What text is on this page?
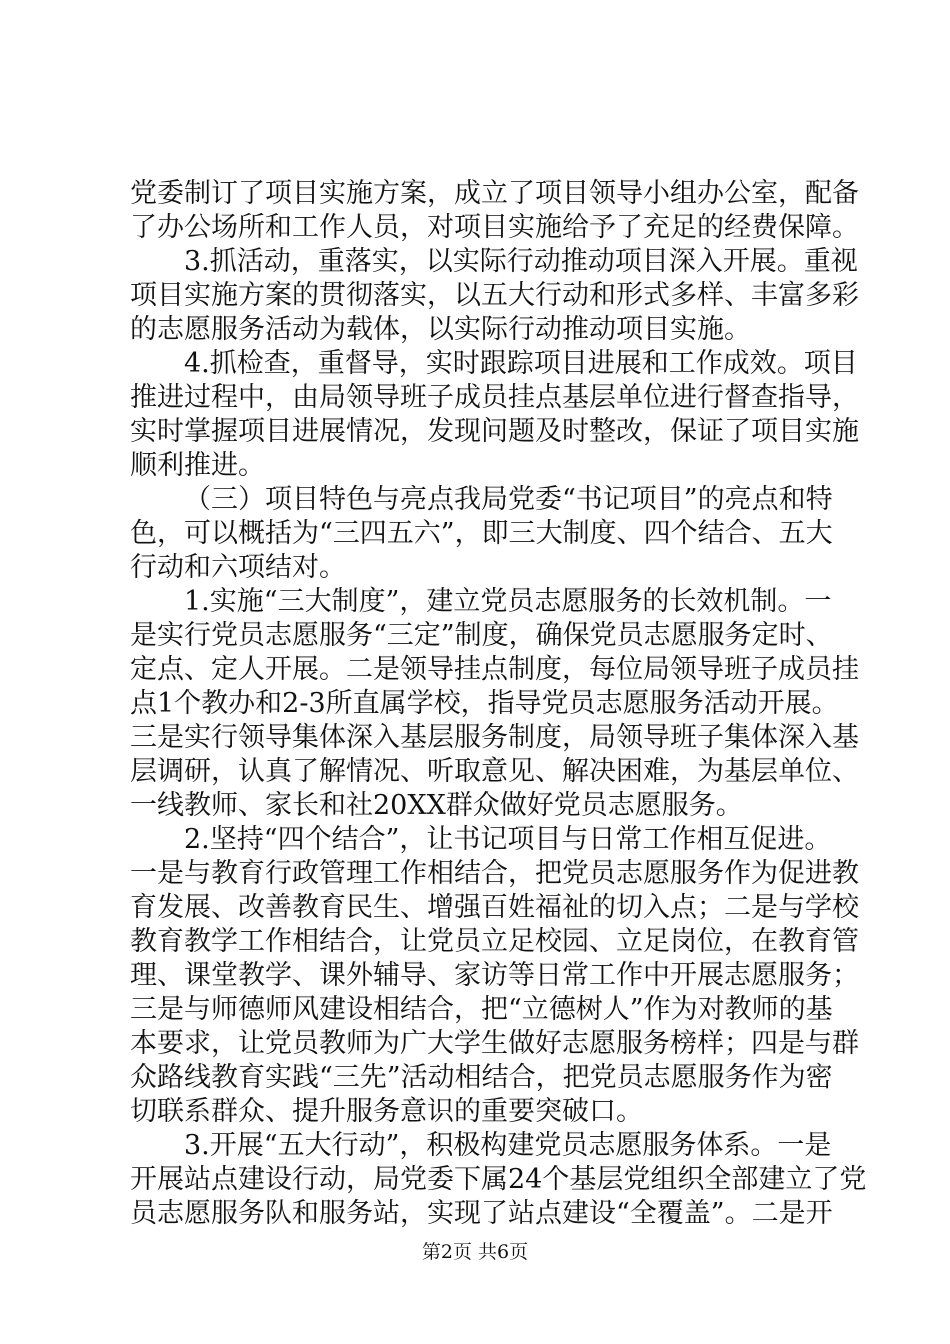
党委制订了项目实施方案，成立了项目领导小组办公室，配备
了办公场所和工作人员，对项目实施给予了充足的经费保障。
3.抓活动，重落实，以实际行动推动项目深入开展。重视
项目实施方案的贯彻落实，以五大行动和形式多样、丰富多彩
的志愿服务活动为载体，以实际行动推动项目实施。
4.抓检查，重督导，实时跟踪项目进展和工作成效。项目
推进过程中，由局领导班子成员挂点基层单位进行督查指导，
实时掌握项目进展情况，发现问题及时整改，保证了项目实施
顺利推进。
（三）项目特色与亮点我局党委“书记项目”的亮点和特
色，可以概括为“三四五六”，即三大制度、四个结合、五大
行动和六项结对。
1.实施“三大制度”，建立党员志愿服务的长效机制。一
是实行党员志愿服务“三定”制度，确保党员志愿服务定时、
定点、定人开展。二是领导挂点制度，每位局领导班子成员挂
点1个教办和2-3所直属学校，指导党员志愿服务活动开展。
三是实行领导集体深入基层服务制度，局领导班子集体深入基
层调研，认真了解情况、听取意见、解决困难，为基层单位、
一线教师、家长和社20XX群众做好党员志愿服务。
2.坚持“四个结合”，让书记项目与日常工作相互促进。
一是与教育行政管理工作相结合，把党员志愿服务作为促进教
育发展、改善教育民生、增强百姓福祉的切入点；二是与学校
教育教学工作相结合，让党员立足校园、立足岗位，在教育管
理、课堂教学、课外辅导、家访等日常工作中开展志愿服务；
三是与师德师风建设相结合，把“立德树人”作为对教师的基
本要求，让党员教师为广大学生做好志愿服务榜样；四是与群
众路线教育实践“三先”活动相结合，把党员志愿服务作为密
切联系群众、提升服务意识的重要突破口。
3.开展“五大行动”，积极构建党员志愿服务体系。一是
开展站点建设行动，局党委下属24个基层党组织全部建立了党
员志愿服务队和服务站，实现了站点建设“全覆盖”。二是开
第2页 共6页
